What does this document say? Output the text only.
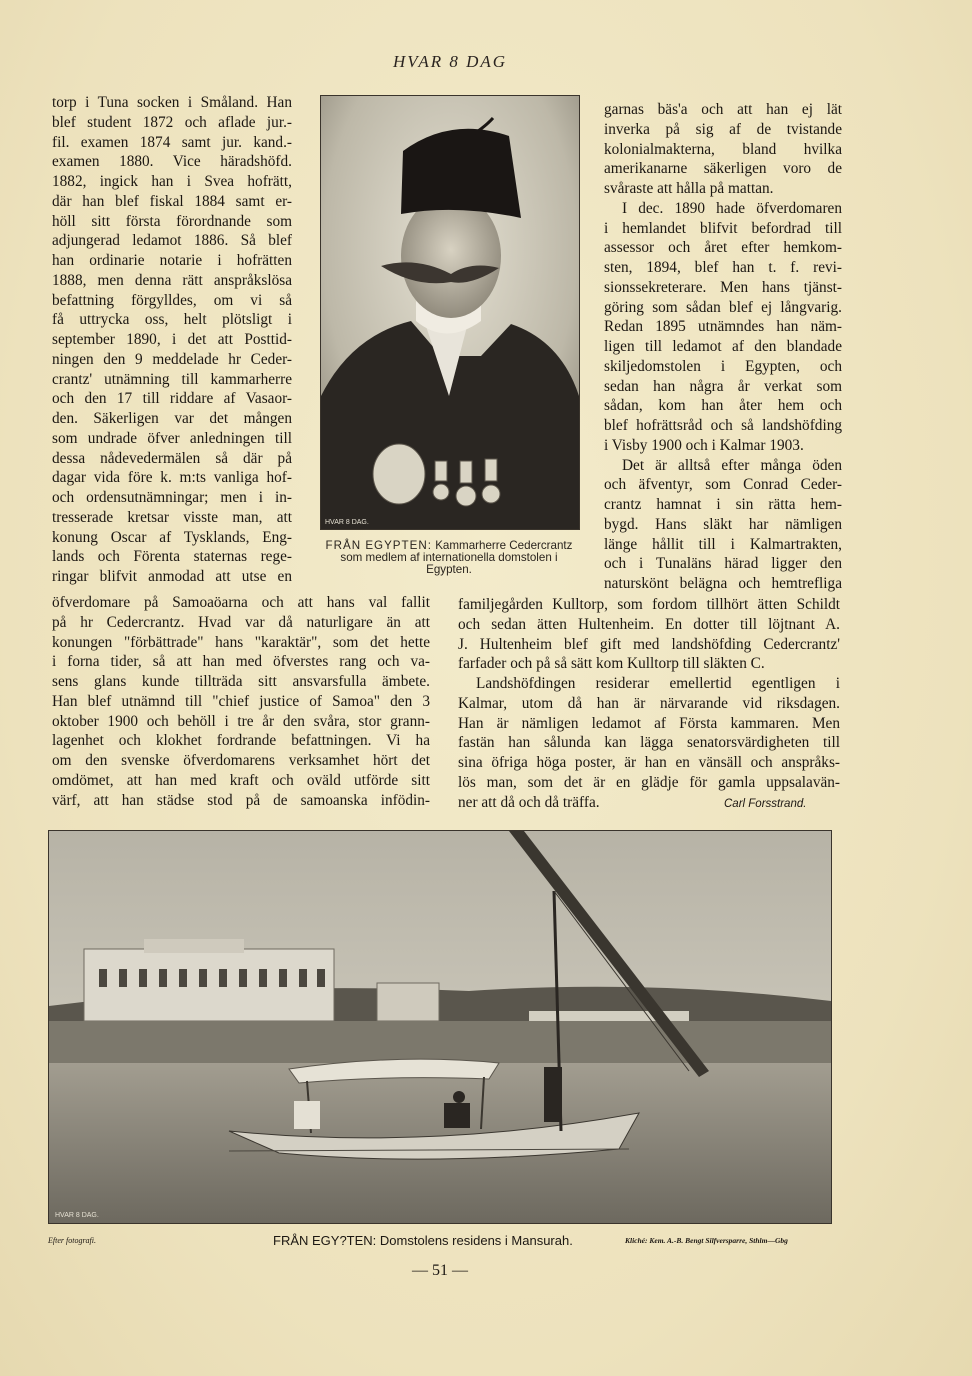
HVAR 8 DAG
torp i Tuna socken i Småland. Han
blef student 1872 och aflade jur.-
fil. examen 1874 samt jur. kand.-
examen 1880. Vice häradshöfd.
1882, ingick han i Svea hofrätt,
där han blef fiskal 1884 samt er-
höll sitt första förordnande som
adjungerad ledamot 1886. Så blef
han ordinarie notarie i hofrätten
1888, men denna rätt anspråkslösa
befattning förgylldes, om vi så
få uttrycka oss, helt plötsligt i
september 1890, i det att Posttid-
ningen den 9 meddelade hr Ceder-
crantz' utnämning till kammarherre
och den 17 till riddare af Vasaor-
den. Säkerligen var det mången
som undrade öfver anledningen till
dessa nådevedermälen så där på
dagar vida före k. m:ts vanliga hof-
och ordensutnämningar; men i in-
tresserade kretsar visste man, att
konung Oscar af Tysklands, Eng-
lands och Förenta staternas rege-
ringar blifvit anmodad att utse en
garnas bäs'a och att han ej lät
inverka på sig af de tvistande
kolonialmakterna, bland hvilka
amerikanarne säkerligen voro de
svåraste att hålla på mattan.
I dec. 1890 hade öfverdomaren
i hemlandet blifvit befordrad till
assessor och året efter hemkom-
sten, 1894, blef han t. f. revi-
sionssekreterare. Men hans tjänst-
göring som sådan blef ej långvarig.
Redan 1895 utnämndes han näm-
ligen till ledamot af den blandade
skiljedomstolen i Egypten, och
sedan han några år verkat som
sådan, kom han åter hem och
blef hofrättsråd och så landshöfding
i Visby 1900 och i Kalmar 1903.
Det är alltså efter många öden
och äfventyr, som Conrad Ceder-
crantz hamnat i sin rätta hem-
bygd. Hans släkt har nämligen
länge hållit till i Kalmartrakten,
och i Tunaläns härad ligger den
naturskönt belägna och hemtrefliga
öfverdomare på Samoaöarna och att hans val fallit
på hr Cedercrantz. Hvad var då naturligare än att
konungen "förbättrade" hans "karaktär", som det hette
i forna tider, så att han med öfverstes rang och va-
sens glans kunde tillträda sitt ansvarsfulla ämbete.
Han blef utnämnd till "chief justice of Samoa" den 3
oktober 1900 och behöll i tre år den svåra, stor grann-
lagenhet och klokhet fordrande befattningen. Vi ha
om den svenske öfverdomarens verksamhet hört det
omdömet, att han med kraft och oväld utförde sitt
värf, att han städse stod på de samoanska infödin-
familjegården Kulltorp, som fordom tillhört ätten Schildt
och sedan ätten Hultenheim. En dotter till löjtnant A.
J. Hultenheim blef gift med landshöfding Cedercrantz'
farfader och på så sätt kom Kulltorp till släkten C.
Landshöfdingen residerar emellertid egentligen i
Kalmar, utom då han är närvarande vid riksdagen.
Han är nämligen ledamot af Första kammaren. Men
fastän han sålunda kan lägga senatorsvärdigheten till
sina öfriga höga poster, är han en vänsäll och anspråks-
lös man, som det är en glädje för gamla uppsalavän-
ner att då och då träffa.	Carl Forsstrand.
HVAR 8 DAG.
FRÅN EGYPTEN: Kammarherre Cedercrantz som medlem af internationella domstolen i Egypten.
HVAR 8 DAG.
Efter fotografi.	FRÅN EGY?TEN: Domstolens residens i Mansurah.	Kliché: Kem. A.-B. Bengt Silfversparre, Sthlm—Gbg
— 51 —
